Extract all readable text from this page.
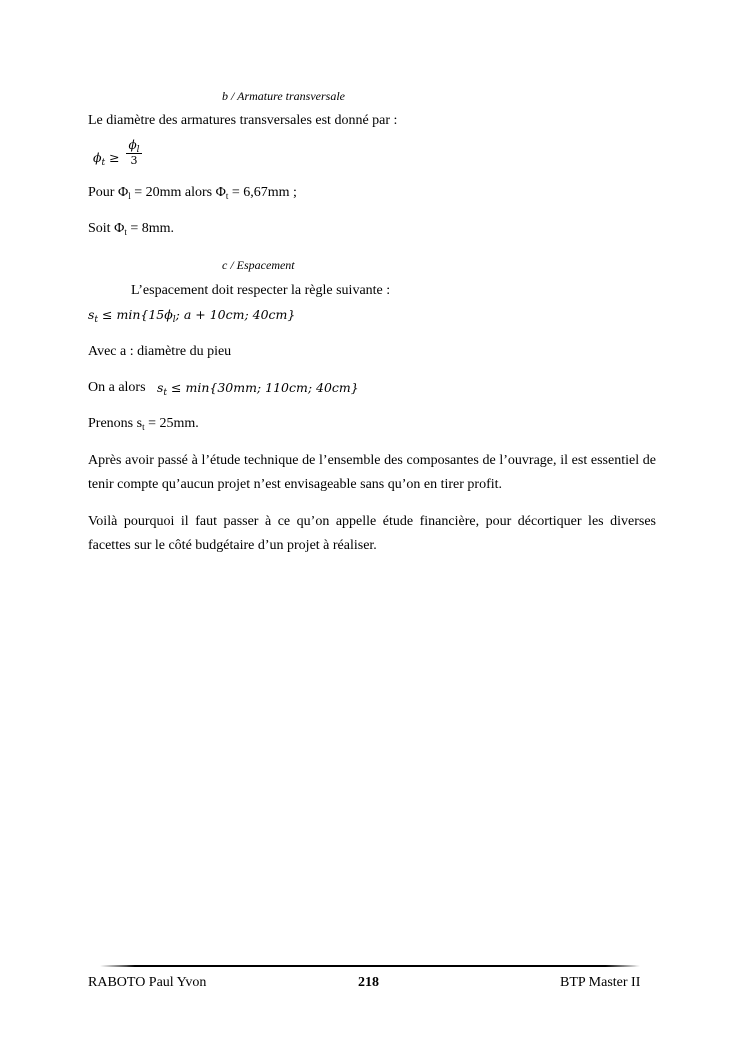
b / Armature transversale
Le diamètre des armatures transversales est donné par :
$\phi_t \ge \frac{\phi_l}{3}$
Pour $\Phi_l = 20mm$ alors $\Phi_t = 6,67mm$ ;
Soit $\Phi_t = 8mm$.
c / Espacement
L’espacement doit respecter la règle suivante :
$s_t \le \min\{15\phi_l$; a + 10cm; 40cm}
Avec a : diamètre du pieu
On a alors $s_t \le \min\{30mm$; 110cm; 40cm}
Prenons $s_t = 25mm$.
Après avoir passé à l’étude technique de l’ensemble des composantes de l’ouvrage, il est essentiel de tenir compte qu’aucun projet n’est envisageable sans qu’on en tirer profit.
Voilà pourquoi il faut passer à ce qu’on appelle étude financière, pour décortiquer les diverses facettes sur le côté budgétaire d’un projet à réaliser.
RABOTO Paul Yvon	218	BTP Master II
